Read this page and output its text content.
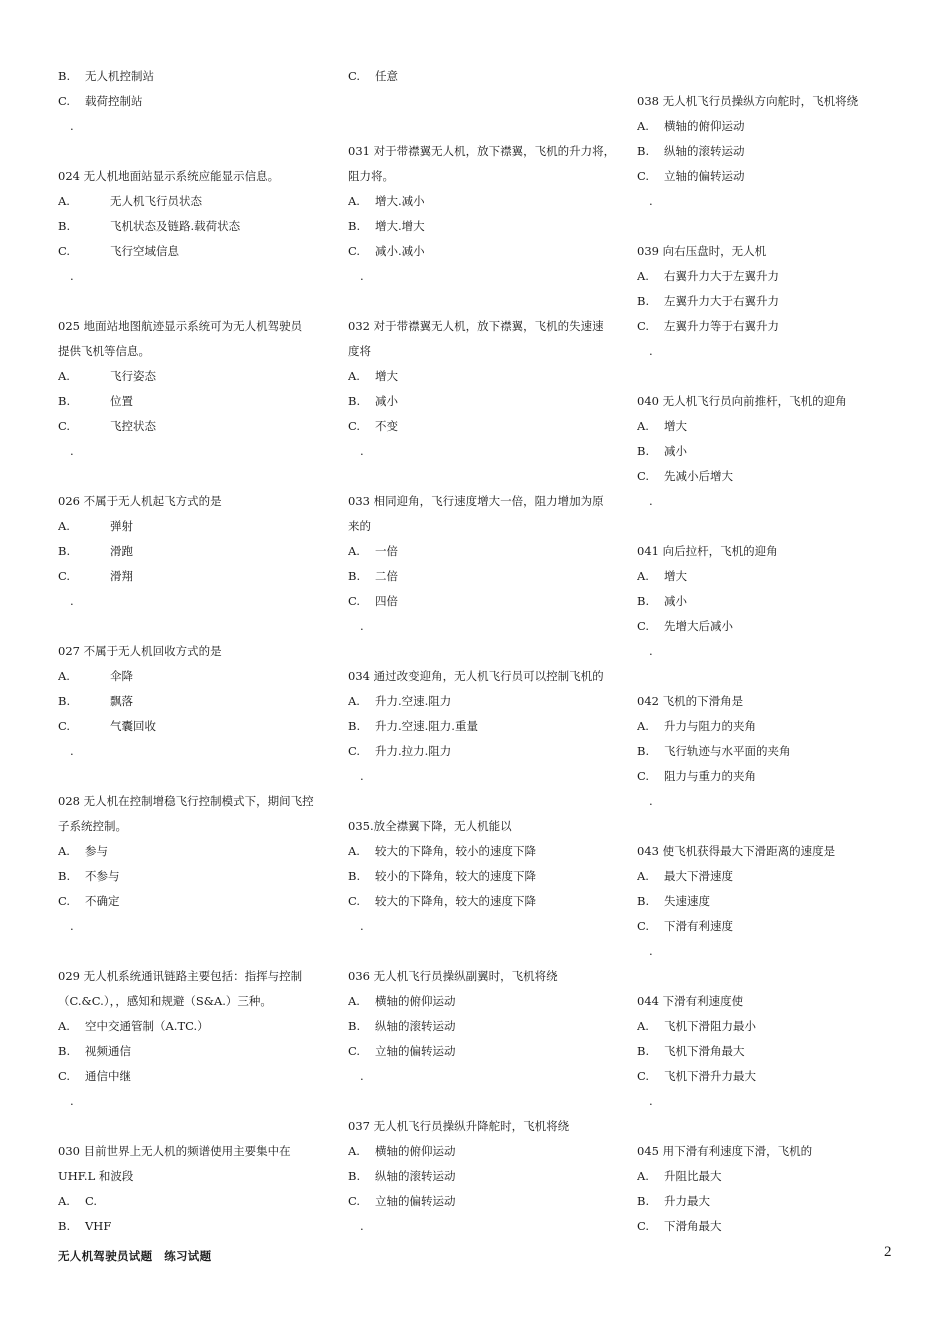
B.	无人机控制站
C.	载荷控制站
.
024 无人机地面站显示系统应能显示信息。
A.	无人机飞行员状态
B.	飞机状态及链路.载荷状态
C.	飞行空域信息
.
025 地面站地图航迹显示系统可为无人机驾驶员
提供飞机等信息。
A.	飞行姿态
B.	位置
C.	飞控状态
.
026 不属于无人机起飞方式的是
A.	弹射
B.	滑跑
C.	滑翔
.
027 不属于无人机回收方式的是
A.	伞降
B.	飘落
C.	气囊回收
.
028 无人机在控制增稳飞行控制模式下，期间飞控
子系统控制。
A.	参与
B.	不参与
C.	不确定
.
029 无人机系统通讯链路主要包括：指挥与控制
（C.&C.），，感知和规避（S&A.）三种。
A.	空中交通管制（A.TC.）
B.	视频通信
C.	通信中继
.
030 目前世界上无人机的频谱使用主要集中在
UHF.L 和波段
A.	C.
B.	VHF
C.	任意
031 对于带襟翼无人机，放下襟翼，飞机的升力将，
阻力将。
A.	增大.减小
B.	增大.增大
C.	减小.减小
.
032 对于带襟翼无人机，放下襟翼，飞机的失速速
度将
A.	增大
B.	减小
C.	不变
.
033 相同迎角，飞行速度增大一倍，阻力增加为原
来的
A.	一倍
B.	二倍
C.	四倍
.
034 通过改变迎角，无人机飞行员可以控制飞机的
A.	升力.空速.阻力
B.	升力.空速.阻力.重量
C.	升力.拉力.阻力
.
035.放全襟翼下降，无人机能以
A.	较大的下降角，较小的速度下降
B.	较小的下降角，较大的速度下降
C.	较大的下降角，较大的速度下降
.
036 无人机飞行员操纵副翼时，飞机将绕
A.	横轴的俯仰运动
B.	纵轴的滚转运动
C.	立轴的偏转运动
.
037 无人机飞行员操纵升降舵时，飞机将绕
A.	横轴的俯仰运动
B.	纵轴的滚转运动
C.	立轴的偏转运动
.
038 无人机飞行员操纵方向舵时，飞机将绕
A.	横轴的俯仰运动
B.	纵轴的滚转运动
C.	立轴的偏转运动
.
039 向右压盘时，无人机
A.	右翼升力大于左翼升力
B.	左翼升力大于右翼升力
C.	左翼升力等于右翼升力
.
040 无人机飞行员向前推杆，飞机的迎角
A.	增大
B.	减小
C.	先减小后增大
.
041 向后拉杆，飞机的迎角
A.	增大
B.	减小
C.	先增大后减小
.
042 飞机的下滑角是
A.	升力与阻力的夹角
B.	飞行轨迹与水平面的夹角
C.	阻力与重力的夹角
.
043 使飞机获得最大下滑距离的速度是
A.	最大下滑速度
B.	失速速度
C.	下滑有利速度
.
044 下滑有利速度使
A.	飞机下滑阻力最小
B.	飞机下滑角最大
C.	飞机下滑升力最大
.
045 用下滑有利速度下滑，飞机的
A.	升阻比最大
B.	升力最大
C.	下滑角最大
无人机驾驶员试题　练习试题	2
